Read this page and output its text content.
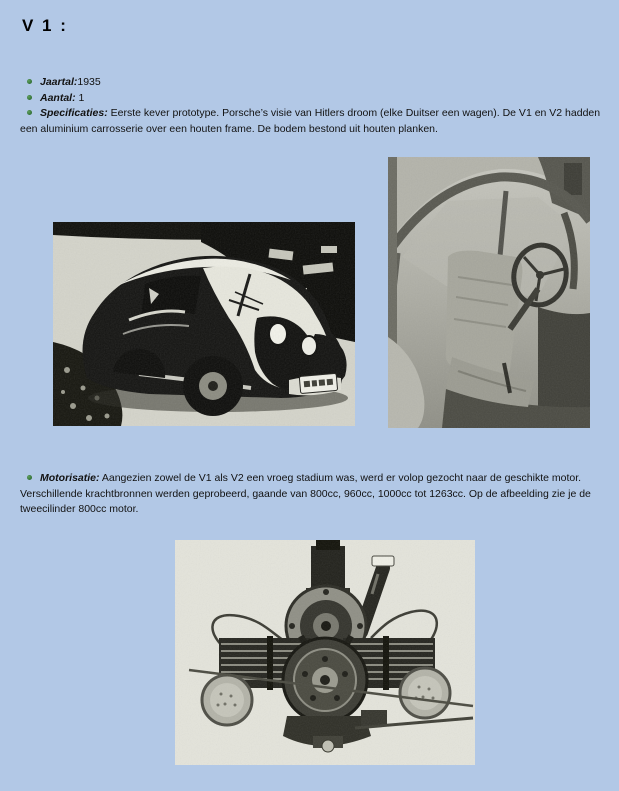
V 1 :

Jaartal:1935

Aantal: 1

Specificaties: Eerste kever prototype. Porsche’s visie van Hitlers droom (elke Duitser een wagen). De V1 en V2 hadden een aluminium carrosserie over een houten frame. De bodem bestond uit houten planken.

Motorisatie: Aangezien zowel de V1 als V2 een vroeg stadium was, werd er volop gezocht naar de geschikte motor. Verschillende krachtbronnen werden geprobeerd, gaande van 800cc, 960cc, 1000cc tot 1263cc. Op de afbeelding zie je de tweecilinder 800cc motor.
